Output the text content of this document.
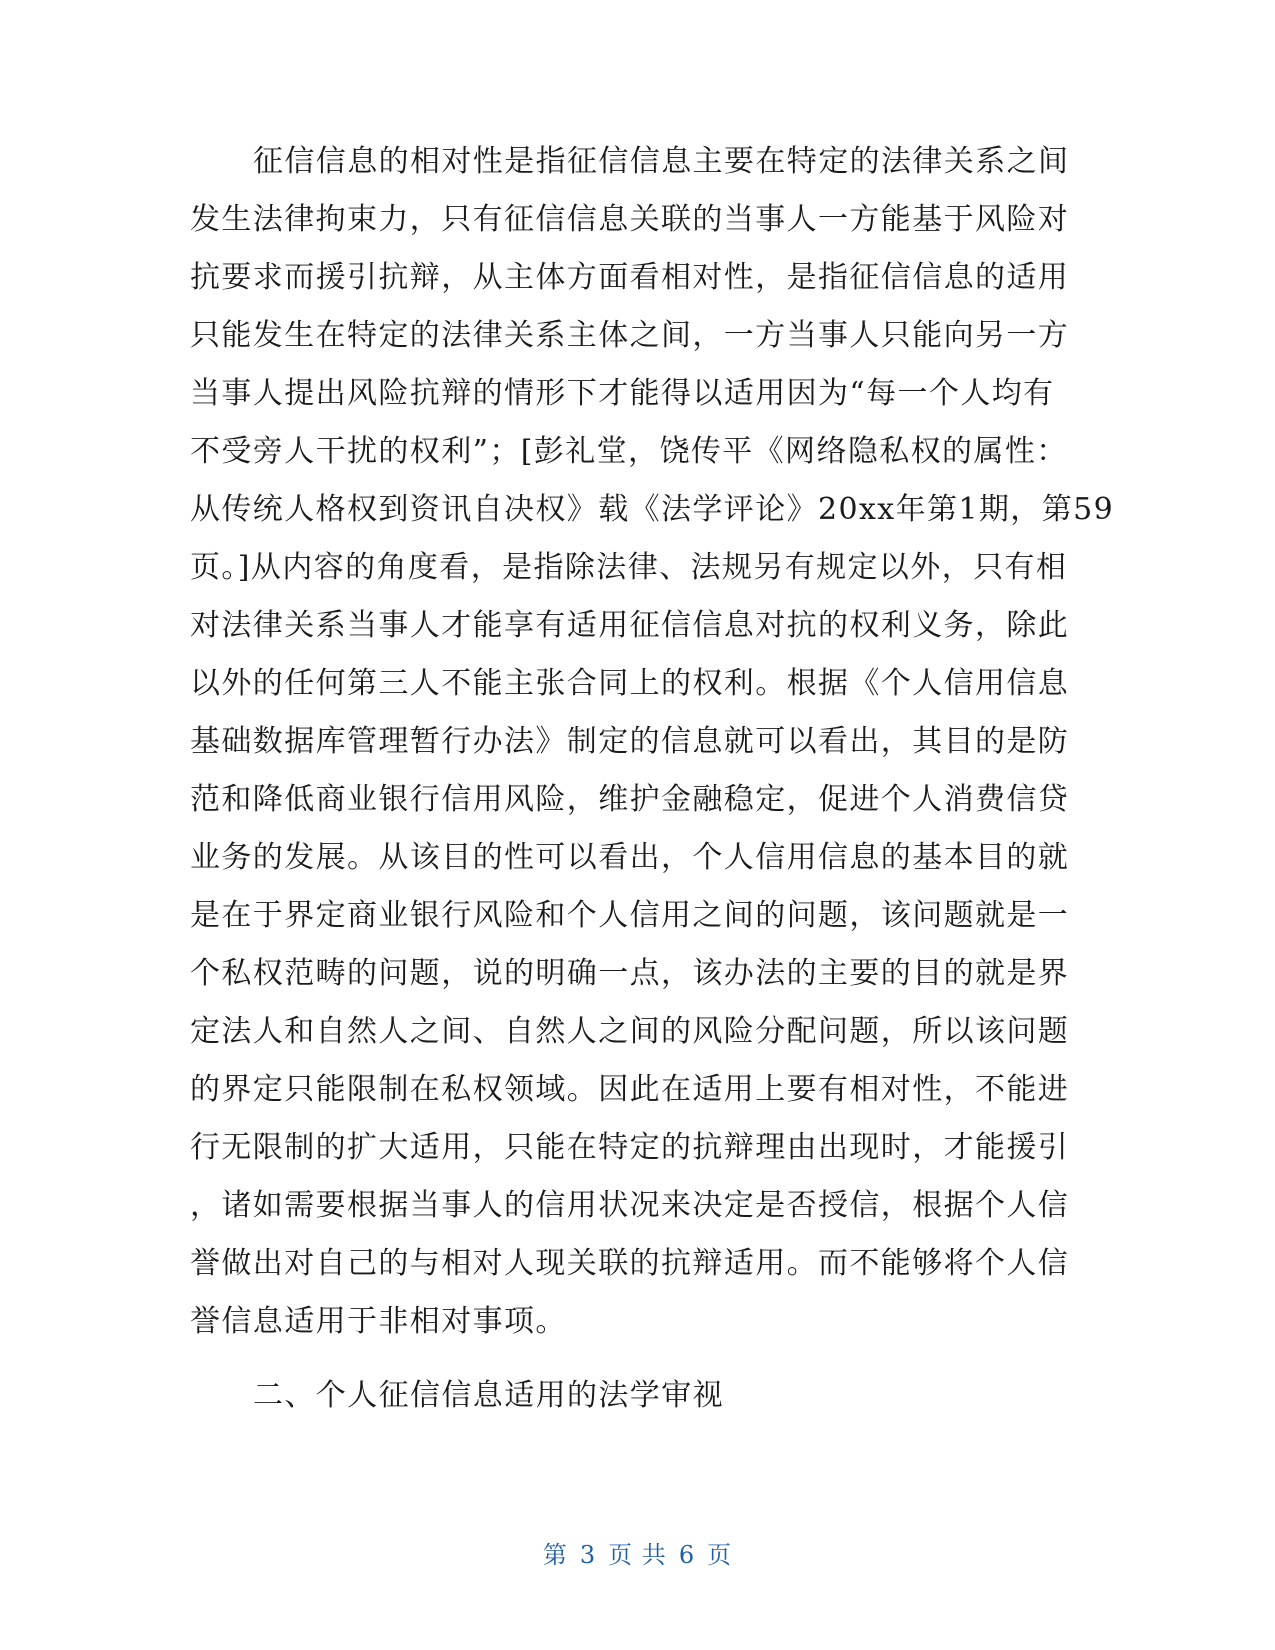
征信信息的相对性是指征信信息主要在特定的法律关系之间
发生法律拘束力，只有征信信息关联的当事人一方能基于风险对
抗要求而援引抗辩，从主体方面看相对性，是指征信信息的适用
只能发生在特定的法律关系主体之间，一方当事人只能向另一方
当事人提出风险抗辩的情形下才能得以适用因为“每一个人均有
不受旁人干扰的权利”；[彭礼堂，饶传平《网络隐私权的属性：
从传统人格权到资讯自决权》载《法学评论》20xx年第1期，第59
页。]从内容的角度看，是指除法律、法规另有规定以外，只有相
对法律关系当事人才能享有适用征信信息对抗的权利义务，除此
以外的任何第三人不能主张合同上的权利。根据《个人信用信息
基础数据库管理暂行办法》制定的信息就可以看出，其目的是防
范和降低商业银行信用风险，维护金融稳定，促进个人消费信贷
业务的发展。从该目的性可以看出，个人信用信息的基本目的就
是在于界定商业银行风险和个人信用之间的问题，该问题就是一
个私权范畴的问题，说的明确一点，该办法的主要的目的就是界
定法人和自然人之间、自然人之间的风险分配问题，所以该问题
的界定只能限制在私权领域。因此在适用上要有相对性，不能进
行无限制的扩大适用，只能在特定的抗辩理由出现时，才能援引
，诸如需要根据当事人的信用状况来决定是否授信，根据个人信
誉做出对自己的与相对人现关联的抗辩适用。而不能够将个人信
誉信息适用于非相对事项。
二、个人征信信息适用的法学审视
第 3 页 共 6 页
